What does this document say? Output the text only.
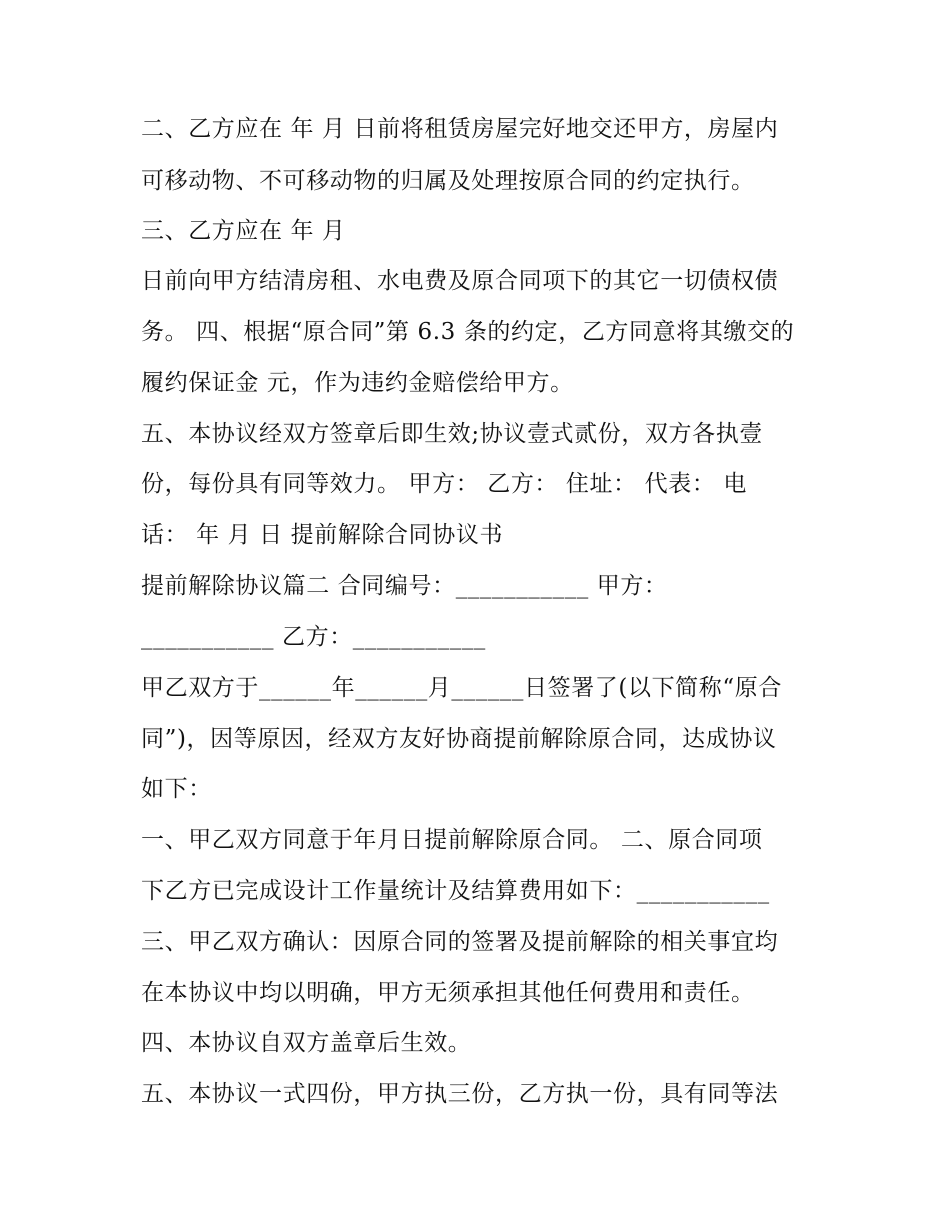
二、乙方应在 年 月 日前将租赁房屋完好地交还甲方，房屋内

可移动物、不可移动物的归属及处理按原合同的约定执行。

三、乙方应在 年 月

日前向甲方结清房租、水电费及原合同项下的其它一切债权债

务。 四、根据“原合同”第 6.3 条的约定，乙方同意将其缴交的

履约保证金 元，作为违约金赔偿给甲方。

五、本协议经双方签章后即生效;协议壹式贰份，双方各执壹

份，每份具有同等效力。 甲方： 乙方： 住址： 代表： 电

话： 年 月 日 提前解除合同协议书

提前解除协议篇二 合同编号：___________ 甲方：

___________ 乙方：___________

甲乙双方于______年______月______日签署了(以下简称“原合

同”)，因等原因，经双方友好协商提前解除原合同，达成协议

如下：

一、甲乙双方同意于年月日提前解除原合同。 二、原合同项

下乙方已完成设计工作量统计及结算费用如下：___________

三、甲乙双方确认：因原合同的签署及提前解除的相关事宜均

在本协议中均以明确，甲方无须承担其他任何费用和责任。

四、本协议自双方盖章后生效。

五、本协议一式四份，甲方执三份，乙方执一份，具有同等法
